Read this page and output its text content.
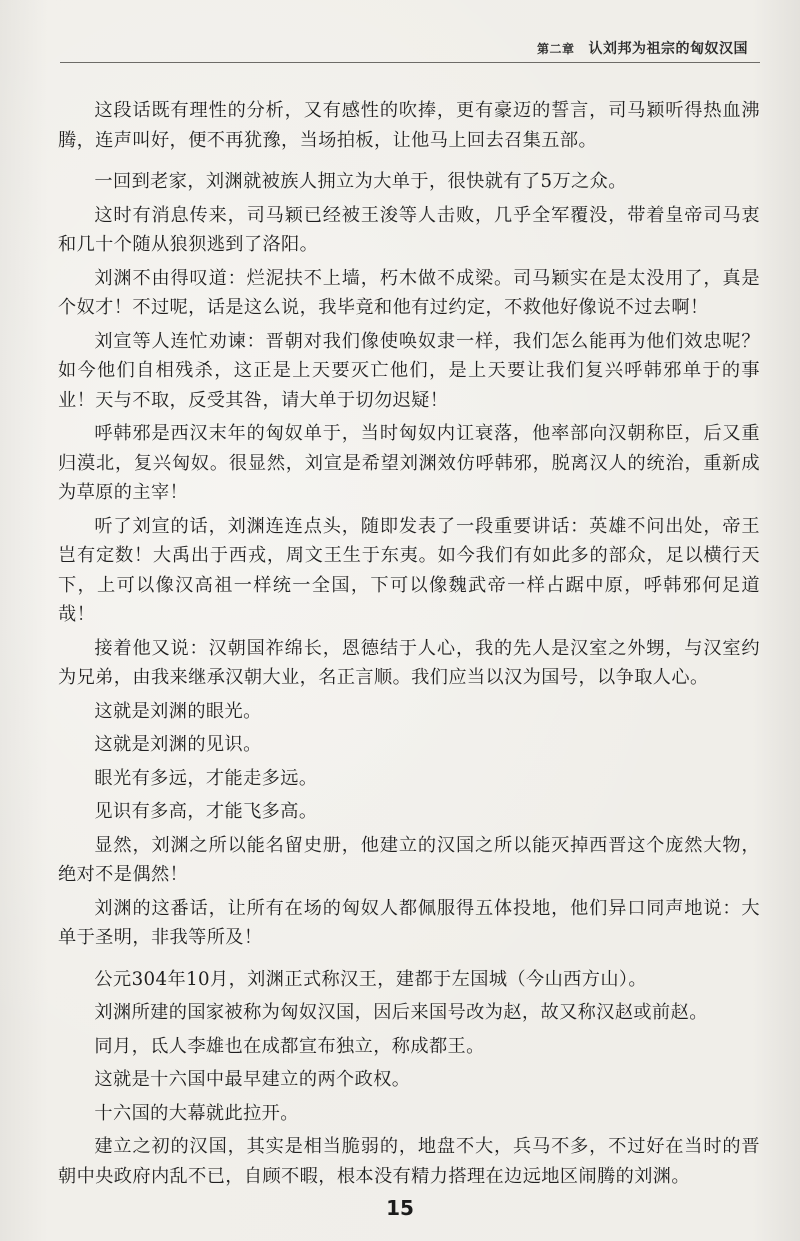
第二章 认刘邦为祖宗的匈奴汉国

这段话既有理性的分析，又有感性的吹捧，更有豪迈的誓言，司马颖听得热血沸腾，连声叫好，便不再犹豫，当场拍板，让他马上回去召集五部。

一回到老家，刘渊就被族人拥立为大单于，很快就有了5万之众。

这时有消息传来，司马颖已经被王浚等人击败，几乎全军覆没，带着皇帝司马衷和几十个随从狼狈逃到了洛阳。

刘渊不由得叹道：烂泥扶不上墙，朽木做不成梁。司马颖实在是太没用了，真是个奴才！不过呢，话是这么说，我毕竟和他有过约定，不救他好像说不过去啊！

刘宣等人连忙劝谏：晋朝对我们像使唤奴隶一样，我们怎么能再为他们效忠呢？如今他们自相残杀，这正是上天要灭亡他们，是上天要让我们复兴呼韩邪单于的事业！天与不取，反受其咎，请大单于切勿迟疑！

呼韩邪是西汉末年的匈奴单于，当时匈奴内讧衰落，他率部向汉朝称臣，后又重归漠北，复兴匈奴。很显然，刘宣是希望刘渊效仿呼韩邪，脱离汉人的统治，重新成为草原的主宰！

听了刘宣的话，刘渊连连点头，随即发表了一段重要讲话：英雄不问出处，帝王岂有定数！大禹出于西戎，周文王生于东夷。如今我们有如此多的部众，足以横行天下，上可以像汉高祖一样统一全国，下可以像魏武帝一样占踞中原，呼韩邪何足道哉！

接着他又说：汉朝国祚绵长，恩德结于人心，我的先人是汉室之外甥，与汉室约为兄弟，由我来继承汉朝大业，名正言顺。我们应当以汉为国号，以争取人心。

这就是刘渊的眼光。

这就是刘渊的见识。

眼光有多远，才能走多远。

见识有多高，才能飞多高。

显然，刘渊之所以能名留史册，他建立的汉国之所以能灭掉西晋这个庞然大物，绝对不是偶然！

刘渊的这番话，让所有在场的匈奴人都佩服得五体投地，他们异口同声地说：大单于圣明，非我等所及！

公元304年10月，刘渊正式称汉王，建都于左国城（今山西方山）。

刘渊所建的国家被称为匈奴汉国，因后来国号改为赵，故又称汉赵或前赵。

同月，氐人李雄也在成都宣布独立，称成都王。

这就是十六国中最早建立的两个政权。

十六国的大幕就此拉开。

建立之初的汉国，其实是相当脆弱的，地盘不大，兵马不多，不过好在当时的晋朝中央政府内乱不已，自顾不暇，根本没有精力搭理在边远地区闹腾的刘渊。

15
